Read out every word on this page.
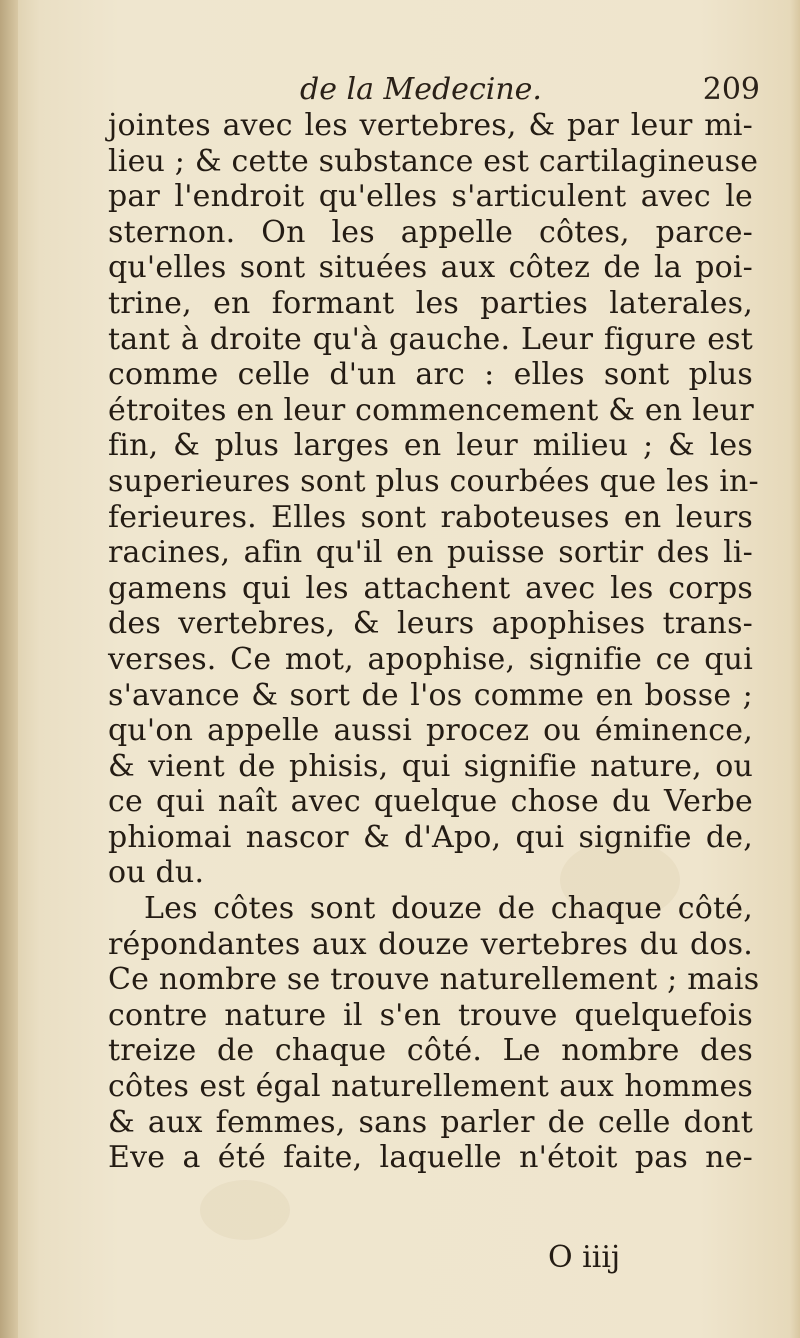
de la Medecine.	209
jointes avec les vertebres, & par leur mi-
lieu ; & cette substance est cartilagineuse
par l'endroit qu'elles s'articulent avec le
sternon. On les appelle côtes, parce-
qu'elles sont situées aux côtez de la poi-
trine, en formant les parties laterales,
tant à droite qu'à gauche. Leur figure est
comme celle d'un arc : elles sont plus
étroites en leur commencement & en leur
fin, & plus larges en leur milieu ; & les
superieures sont plus courbées que les in-
ferieures. Elles sont raboteuses en leurs
racines, afin qu'il en puisse sortir des li-
gamens qui les attachent avec les corps
des vertebres, & leurs apophises trans-
verses. Ce mot, apophise, signifie ce qui
s'avance & sort de l'os comme en bosse ;
qu'on appelle aussi procez ou éminence,
& vient de phisis, qui signifie nature, ou
ce qui naît avec quelque chose du Verbe
phiomai nascor & d'Apo, qui signifie de,
ou du.
Les côtes sont douze de chaque côté,
répondantes aux douze vertebres du dos.
Ce nombre se trouve naturellement ; mais
contre nature il s'en trouve quelquefois
treize de chaque côté. Le nombre des
côtes est égal naturellement aux hommes
& aux femmes, sans parler de celle dont
Eve a été faite, laquelle n'étoit pas ne-
O iiij
